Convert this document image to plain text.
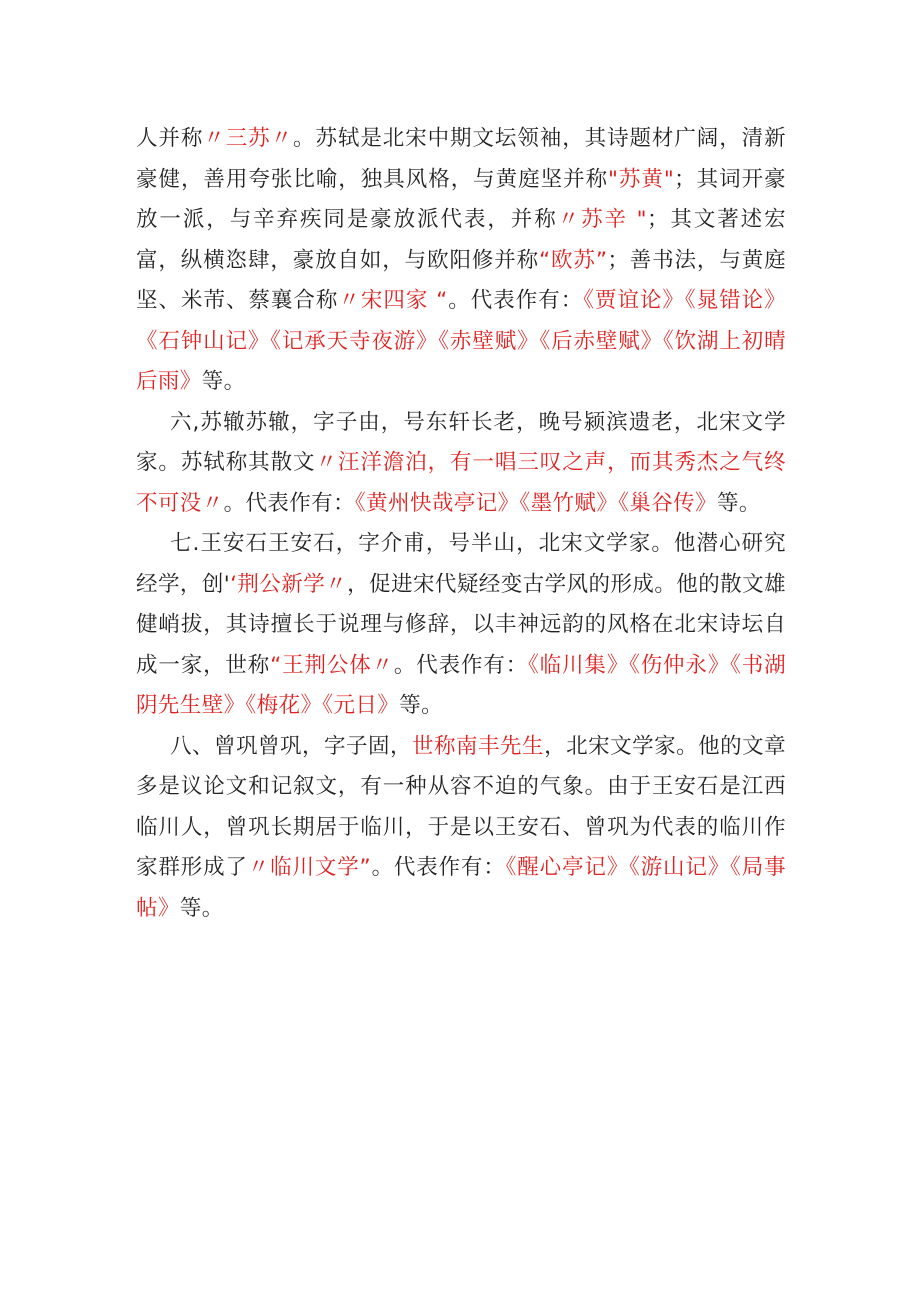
人并称〃三苏〃。苏轼是北宋中期文坛领袖，其诗题材广阔，清新豪健，善用夸张比喻，独具风格，与黄庭坚并称"苏黄"；其词开豪放一派，与辛弃疾同是豪放派代表，并称〃苏辛 "；其文著述宏富，纵横恣肆，豪放自如，与欧阳修并称“欧苏”；善书法，与黄庭坚、米芾、蔡襄合称〃宋四家 “。代表作有：《贾谊论》《晁错论》《石钟山记》《记承天寺夜游》《赤壁赋》《后赤壁赋》《饮湖上初晴后雨》等。

六,苏辙苏辙，字子由，号东轩长老，晚号颍滨遗老，北宋文学家。苏轼称其散文〃汪洋澹泊，有一唱三叹之声，而其秀杰之气终不可没〃。代表作有：《黄州快哉亭记》《墨竹赋》《巢谷传》等。

七.王安石王安石，字介甫，号半山，北宋文学家。他潜心研究经学，创'‘荆公新学〃，促进宋代疑经变古学风的形成。他的散文雄健峭拔，其诗擅长于说理与修辞，以丰神远韵的风格在北宋诗坛自成一家，世称“王荆公体〃。代表作有：《临川集》《伤仲永》《书湖阴先生壁》《梅花》《元日》等。

八、曾巩曾巩，字子固，世称南丰先生，北宋文学家。他的文章多是议论文和记叙文，有一种从容不迫的气象。由于王安石是江西临川人，曾巩长期居于临川，于是以王安石、曾巩为代表的临川作家群形成了〃临川文学”。代表作有：《醒心亭记》《游山记》《局事帖》等。
